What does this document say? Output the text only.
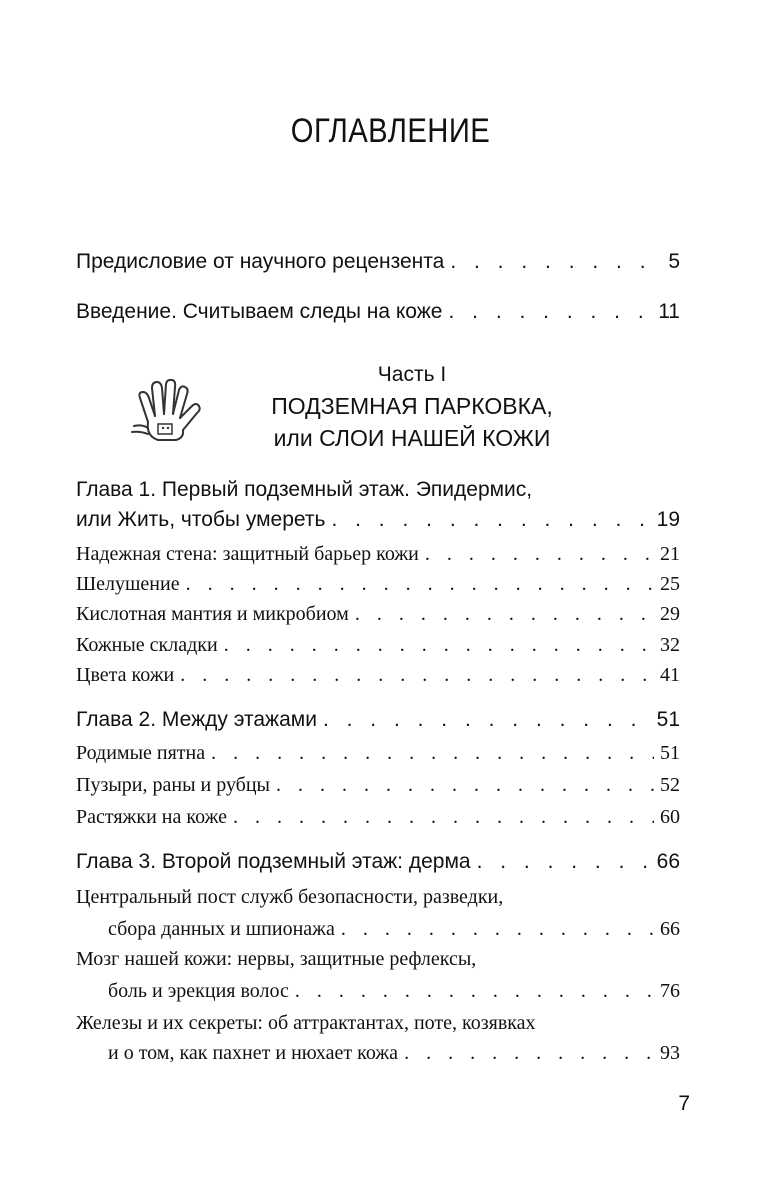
ОГЛАВЛЕНИЕ
Предисловие от научного рецензента . . .	5
Введение. Считываем следы на коже . . .	11
Часть I
ПОДЗЕМНАЯ ПАРКОВКА,
или СЛОИ НАШЕЙ КОЖИ
Глава 1. Первый подземный этаж. Эпидермис,
или Жить, чтобы умереть . . .	19
Надежная стена: защитный барьер кожи . . .	21
Шелушение . . .	25
Кислотная мантия и микробиом . . .	29
Кожные складки . . .	32
Цвета кожи . . .	41
Глава 2. Между этажами . . .	51
Родимые пятна . . .	51
Пузыри, раны и рубцы . . .	52
Растяжки на коже . . .	60
Глава 3. Второй подземный этаж: дерма . . .	66
Центральный пост служб безопасности, разведки,
сбора данных и шпионажа . . .	66
Мозг нашей кожи: нервы, защитные рефлексы,
боль и эрекция волос . . .	76
Железы и их секреты: об аттрактантах, поте, козявках
и о том, как пахнет и нюхает кожа . . .	93
7
